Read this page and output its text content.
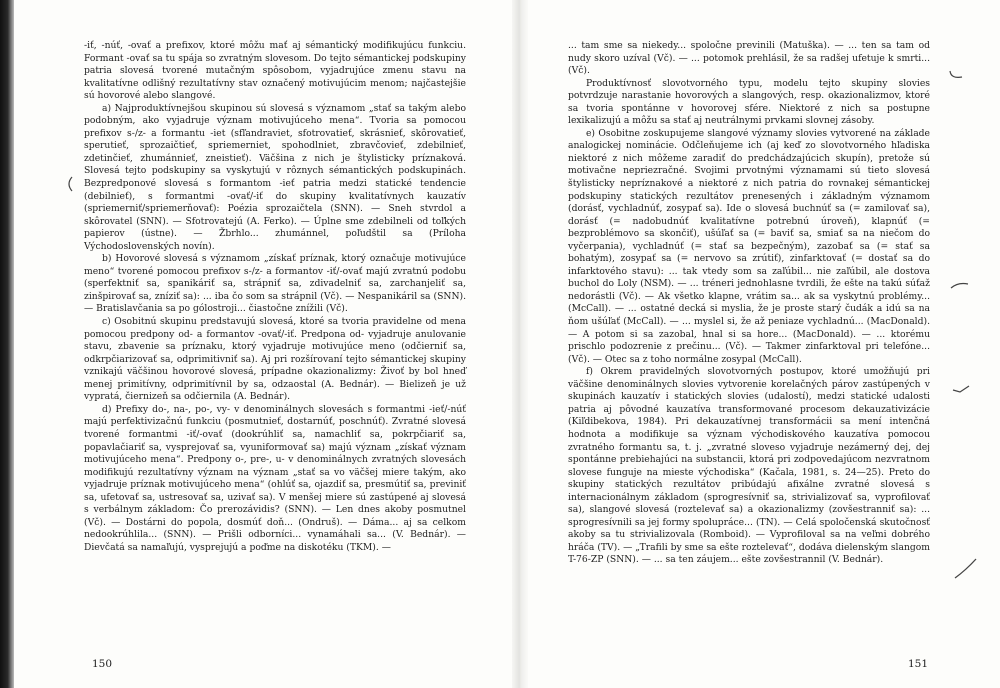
-iť, -núť, -ovať a prefixov, ktoré môžu mať aj sémantický modifikujúcu funkciu. Formant -ovať sa tu spája so zvratným slovesom. Do tejto sémantickej podskupiny patria slovesá tvorené mutačným spôsobom, vyjadrujúce zmenu stavu na kvalitatívne odlišný rezultatívny stav označený motivujúcim menom; najčastejšie sú hovorové alebo slangové.

a) Najproduktívnejšou skupinou sú slovesá s významom „stať sa takým alebo podobným, ako vyjadruje význam motivujúceho mena“. Tvoria sa pomocou prefixov s-/z- a formantu -iet (sfľandraviet, sfotrovatieť, skrásnieť, skôrovatieť, sperutieť, sprozaičtieť, spriemerniet, spohodlniet, zbravčovieť, zdebilnieť, zdetinčieť, zhumánnieť, zneistieť). Väčšina z nich je štylisticky príznaková. Slovesá tejto podskupiny sa vyskytujú v rôznych sémantických podskupinách. Bezpredponové slovesá s formantom -ieť patria medzi statické tendencie (debilnieť), s formantmi -ovať/-iť do skupiny kvalitatívnych kauzatív (spriemerniť/spriemerňovať): Poézia sprozaičtela (SNN). — Sneh stvrdol a skôrovatel (SNN). — Sfotrovatejú (A. Ferko). — Úplne sme zdebilneli od toľkých papierov (ústne). — Žbrhlo... zhumánnel, poľudštil sa (Príloha Východoslovenských novín).

b) Hovorové slovesá s významom „získať príznak, ktorý označuje motivujúce meno“ tvorené pomocou prefixov s-/z- a formantov -iť/-ovať majú zvratnú podobu (sperfektniť sa, spanikáriť sa, strápniť sa, zdivadelniť sa, zarchanjeliť sa, zinšpirovať sa, zníziť sa): ... iba čo som sa strápnil (Vč). — Nespanikáril sa (SNN). — Bratislavčania sa po gólostroji... čiastočne znížili (Vč).

c) Osobitnú skupinu predstavujú slovesá, ktoré sa tvoria pravidelne od mena pomocou predpony od- a formantov -ovať/-iť. Predpona od- vyjadruje anulovanie stavu, zbavenie sa príznaku, ktorý vyjadruje motivujúce meno (odčierniť sa, odkrpčiarizovať sa, odprimitivniť sa). Aj pri rozšírovaní tejto sémantickej skupiny vznikajú väčšinou hovorové slovesá, prípadne okazionalizmy: Živoť by bol hneď menej primitívny, odprimitívnil by sa, odzaostal (A. Bednár). — Bielizeň je už vypratá, čiernizeň sa odčiernila (A. Bednár).

d) Prefixy do-, na-, po-, vy- v denominálnych slovesách s formantmi -ieť/-núť majú perfektivizačnú funkciu (posmutnieť, dostarnúť, poschnúť). Zvratné slovesá tvorené formantmi -iť/-ovať (dookrúhliť sa, namachliť sa, pokrpčiariť sa, popavlačiariť sa, vysprejovať sa, vyuniformovať sa) majú význam „získať význam motivujúceho mena“. Predpony o-, pre-, u- v denominálnych zvratných slovesách modifikujú rezultatívny význam na význam „stať sa vo väčšej miere takým, ako vyjadruje príznak motivujúceho mena“ (ohlúť sa, ojazdiť sa, presmútiť sa, previniť sa, ufetovať sa, ustresovať sa, uzivať sa). V menšej miere sú zastúpené aj slovesá s verbálnym základom: Čo prerozávidis? (SNN). — Len dnes akoby posmutnel (Vč). — Dostárni do popola, dosmúť doň... (Ondruš). — Dáma... aj sa celkom nedookrúhlila... (SNN). — Prišli odborníci... vynamáhali sa... (V. Bednár). —Dievčatá sa namaľujú, vysprejujú a poďme na diskotéku (TKM). —

... tam sme sa niekedy... spoločne previnili (Matuška). — ... ten sa tam od nudy skoro uzíval (Vč). — ... potomok prehlásil, že sa radšej ufetuje k smrti... (Vč).

Produktívnosť slovotvorného typu, modelu tejto skupiny slovies potvrdzuje narastanie hovorových a slangových, resp. okazionalizmov, ktoré sa tvoria spontánne v hovorovej sfére. Niektoré z nich sa postupne lexikalizujú a môžu sa stať aj neutrálnymi prvkami slovnej zásoby.

e) Osobitne zoskupujeme slangové významy slovies vytvorené na základe analogickej nominácie. Odčleňujeme ich (aj keď zo slovotvorného hľadiska niektoré z nich môžeme zaradiť do predchádzajúcich skupín), pretože sú motivačne nepriezračné. Svojimi prvotnými významami sú tieto slovesá štylisticky nepríznakové a niektoré z nich patria do rovnakej sémantickej podskupiny statických rezultátov prenesených i základným významom (dorásť, vychladnúť, zosypať sa). Ide o slovesá buchnúť sa (= zamilovať sa), dorásť (= nadobudnúť kvalitatívne potrebnú úroveň), klapnúť (= bezproblémovo sa skončiť), ušúľať sa (= baviť sa, smiať sa na niečom do vyčerpania), vychladnúť (= stať sa bezpečným), zazobať sa (= stať sa bohatým), zosypať sa (= nervovo sa zrútiť), zinfarktovať (= dostať sa do infarktového stavu): ... tak vtedy som sa zaľúbil... nie zaľúbil, ale dostova buchol do Loly (NSM). — ... tréneri jednohlasne tvrdili, že ešte na takú súťaž nedorástli (Vč). — Ak všetko klapne, vrátim sa... ak sa vyskytnú problémy... (McCall). — ... ostatné decká si myslia, že je proste starý čudák a idú sa na ňom ušúľať (McCall). — ... myslel si, že až peniaze vychladnú... (MacDonald). — A potom si sa zazobal, hnal si sa hore... (MacDonald). — ... ktorému prischlo podozrenie z prečinu... (Vč). — Takmer zinfarktoval pri telefóne... (Vč). — Otec sa z toho normálne zosypal (McCall).

f) Okrem pravidelných slovotvorných postupov, ktoré umožňujú pri väčšine denominálnych slovies vytvorenie korelačných párov zastúpených v skupinách kauzatív i statických slovies (udalostí), medzi statické udalosti patria aj pôvodné kauzatíva transformované procesom dekauzativizácie (Kiľdibekova, 1984). Pri dekauzatívnej transformácii sa mení intenčná hodnota a modifikuje sa význam východiskového kauzatíva pomocou zvratného formantu sa, t. j. „zvratné sloveso vyjadruje nezámerný dej, dej spontánne prebiehajúci na substancii, ktorá pri zodpovedajúcom nezvratnom slovese funguje na mieste východiska“ (Kačala, 1981, s. 24—25). Preto do skupiny statických rezultátov pribúdajú afixálne zvratné slovesá s internacionálnym základom (sprogresívniť sa, strivializovať sa, vyprofilovať sa), slangové slovesá (roztelevať sa) a okazionalizmy (zovšestranniť sa): ... sprogresívnili sa jej formy spolupráce... (TN). — Celá spoločenská skutočnosť akoby sa tu strivializovala (Romboid). — Vyprofiloval sa na veľmi dobrého hráča (TV). — „Trafili by sme sa ešte roztelevať“, dodáva dielenským slangom T-76-ZP (SNN). — ... sa ten záujem... ešte zovšestrannil (V. Bednár).

150	151
